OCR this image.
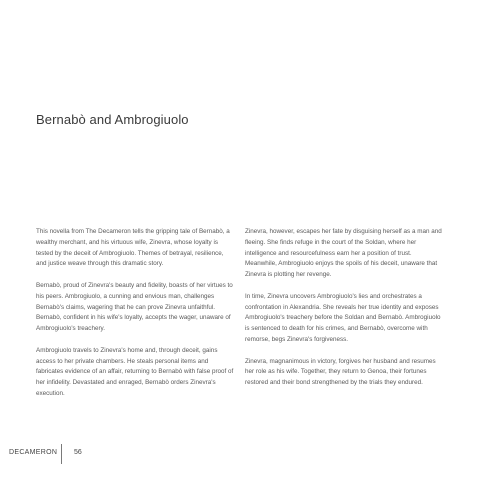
Bernabò and Ambrogiuolo

This novella from The Decameron tells the gripping tale of Bernabò, a wealthy merchant, and his virtuous wife, Zinevra, whose loyalty is tested by the deceit of Ambrogiuolo. Themes of betrayal, resilience, and justice weave through this dramatic story.

Bernabò, proud of Zinevra's beauty and fidelity, boasts of her virtues to his peers. Ambrogiuolo, a cunning and envious man, challenges Bernabò's claims, wagering that he can prove Zinevra unfaithful. Bernabò, confident in his wife's loyalty, accepts the wager, unaware of Ambrogiuolo's treachery.

Ambrogiuolo travels to Zinevra's home and, through deceit, gains access to her private chambers. He steals personal items and fabricates evidence of an affair, returning to Bernabò with false proof of her infidelity. Devastated and enraged, Bernabò orders Zinevra's execution.

Zinevra, however, escapes her fate by disguising herself as a man and fleeing. She finds refuge in the court of the Soldan, where her intelligence and resourcefulness earn her a position of trust. Meanwhile, Ambrogiuolo enjoys the spoils of his deceit, unaware that Zinevra is plotting her revenge.

In time, Zinevra uncovers Ambrogiuolo's lies and orchestrates a confrontation in Alexandria. She reveals her true identity and exposes Ambrogiuolo's treachery before the Soldan and Bernabò. Ambrogiuolo is sentenced to death for his crimes, and Bernabò, overcome with remorse, begs Zinevra's forgiveness.

Zinevra, magnanimous in victory, forgives her husband and resumes her role as his wife. Together, they return to Genoa, their fortunes restored and their bond strengthened by the trials they endured.

DECAMERON 56
